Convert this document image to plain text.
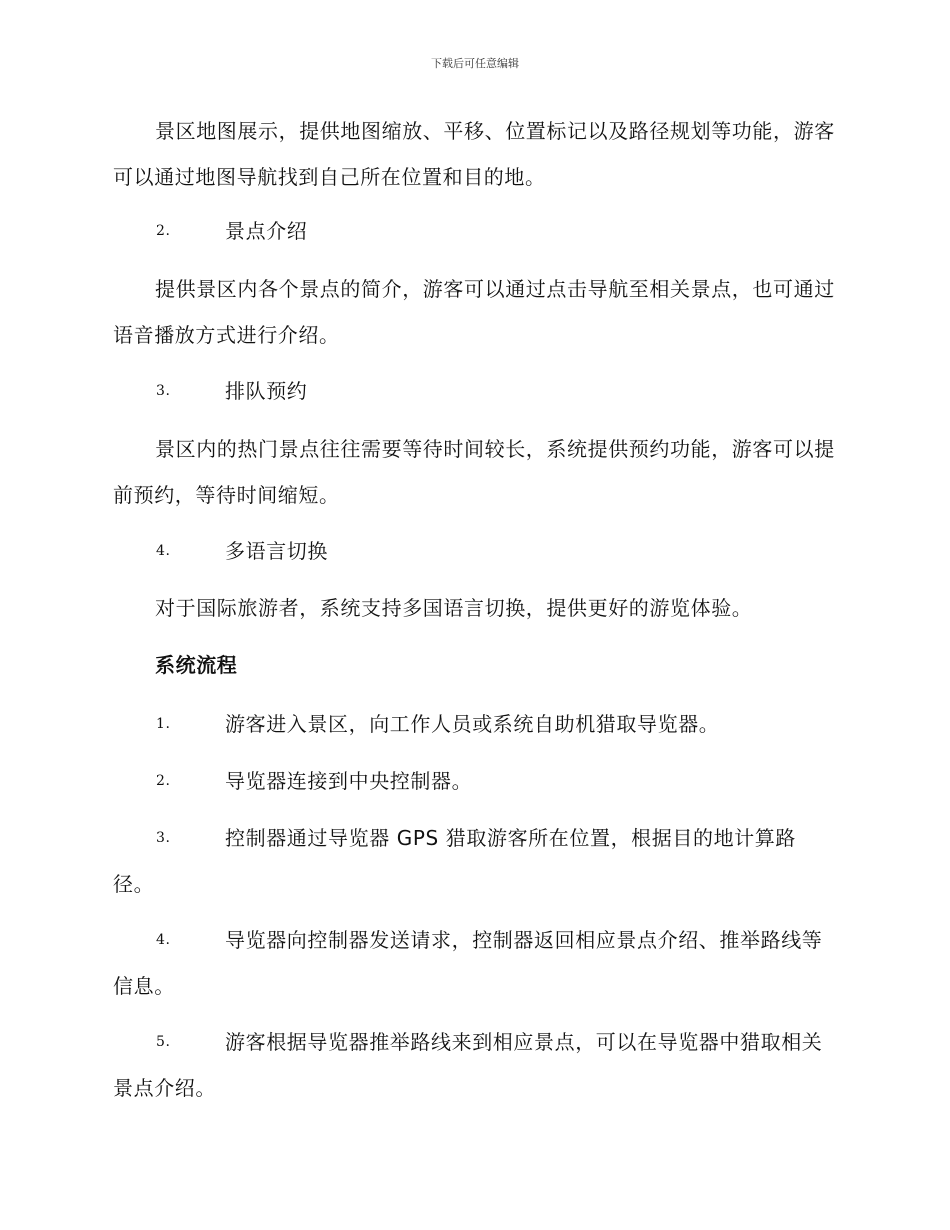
下载后可任意编辑

景区地图展示，提供地图缩放、平移、位置标记以及路径规划等功能，游客可以通过地图导航找到自己所在位置和目的地。

2.	景点介绍

提供景区内各个景点的简介，游客可以通过点击导航至相关景点，也可通过语音播放方式进行介绍。

3.	排队预约

景区内的热门景点往往需要等待时间较长，系统提供预约功能，游客可以提前预约，等待时间缩短。

4.	多语言切换

对于国际旅游者，系统支持多国语言切换，提供更好的游览体验。

系统流程
1.	游客进入景区，向工作人员或系统自助机猎取导览器。
2.	导览器连接到中央控制器。
3.	控制器通过导览器 GPS 猎取游客所在位置，根据目的地计算路径。
4.	导览器向控制器发送请求，控制器返回相应景点介绍、推举路线等信息。
5.	游客根据导览器推举路线来到相应景点，可以在导览器中猎取相关景点介绍。
